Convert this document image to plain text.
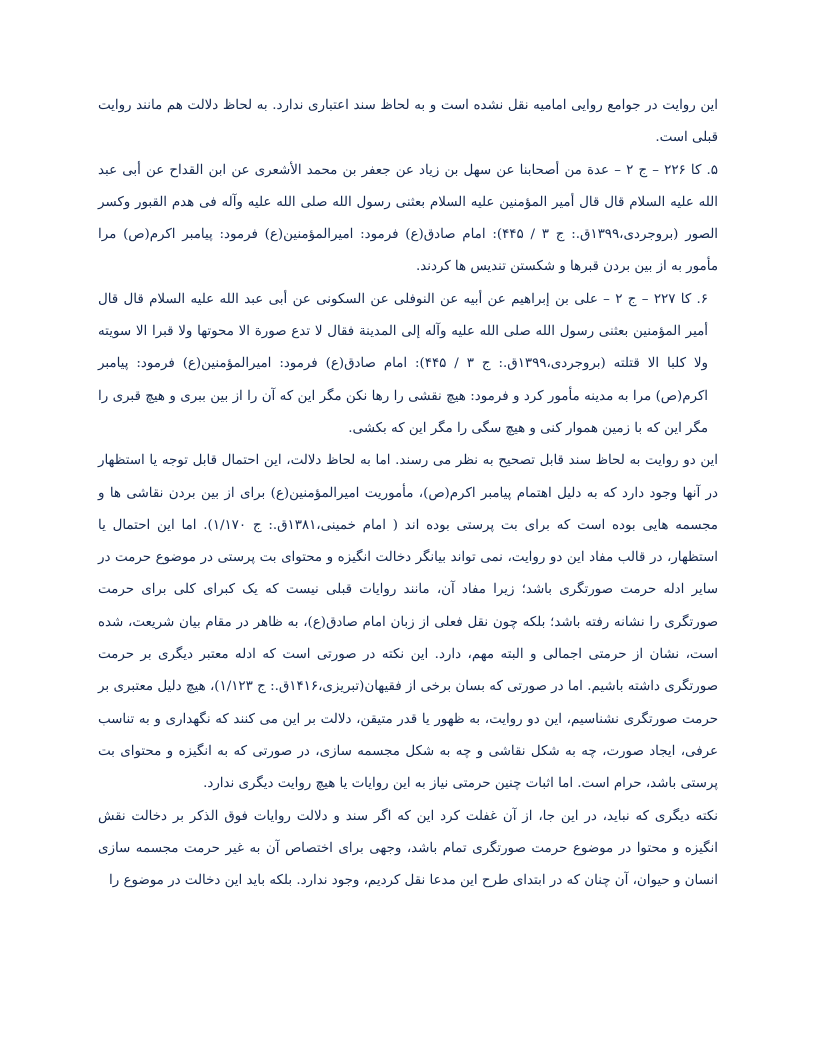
این روایت در جوامع روایی امامیه نقل نشده است و به لحاظ سند اعتباری ندارد. به لحاظ دلالت هم مانند روایت قبلی است.

۵. کا ۲۲۶ – ج ۲ – عدة من أصحابنا عن سهل بن زیاد عن جعفر بن محمد الأشعری عن ابن القداح عن أبی عبد الله علیه السلام قال قال أمیر المؤمنین علیه السلام بعثنی رسول الله صلی الله علیه وآله فی هدم القبور وکسر الصور (بروجردی،۱۳۹۹ق.: ج ۳ / ۴۴۵): امام صادق(ع) فرمود: امیرالمؤمنین(ع) فرمود: پیامبر اکرم(ص) مرا مأمور به از بین بردن قبرها و شکستن تندیس ها کردند.

۶. کا ۲۲۷ – ج ۲ – علی بن إبراهیم عن أبیه عن النوفلی عن السکونی عن أبی عبد الله علیه السلام قال قال أمیر المؤمنین بعثنی رسول الله صلی الله علیه وآله إلی المدینة فقال لا تدع صورة الا محوتها ولا قبرا الا سویته ولا کلبا الا قتلته (بروجردی،۱۳۹۹ق.: ج ۳ / ۴۴۵): امام صادق(ع) فرمود: امیرالمؤمنین(ع) فرمود: پیامبر اکرم(ص) مرا به مدینه مأمور کرد و فرمود: هیچ نقشی را رها نکن مگر این که آن را از بین ببری و هیچ قبری را مگر این که با زمین هموار کنی و هیچ سگی را مگر این که بکشی.

این دو روایت به لحاظ سند قابل تصحیح به نظر می رسند. اما به لحاظ دلالت، این احتمال قابل توجه یا استظهار در آنها وجود دارد که به دلیل اهتمام پیامبر اکرم(ص)، مأموریت امیرالمؤمنین(ع) برای از بین بردن نقاشی ها و مجسمه هایی بوده است که برای بت پرستی بوده اند ( امام خمینی،۱۳۸۱ق.: ج ۱/۱۷۰). اما این احتمال یا استظهار، در قالب مفاد این دو روایت، نمی تواند بیانگر دخالت انگیزه و محتوای بت پرستی در موضوع حرمت در سایر ادله حرمت صورتگری باشد؛ زیرا مفاد آن، مانند روایات قبلی نیست که یک کبرای کلی برای حرمت صورتگری را نشانه رفته باشد؛ بلکه چون نقل فعلی از زبان امام صادق(ع)، به ظاهر در مقام بیان شریعت، شده است، نشان از حرمتی اجمالی و البته مهم، دارد. این نکته در صورتی است که ادله معتبر دیگری بر حرمت صورتگری داشته باشیم. اما در صورتی که بسان برخی از فقیهان(تبریزی،۱۴۱۶ق.: ج ۱/۱۲۳)، هیچ دلیل معتبری بر حرمت صورتگری نشناسیم، این دو روایت، به ظهور یا قدر متیقن، دلالت بر این می کنند که نگهداری و به تناسب عرفی، ایجاد صورت، چه به شکل نقاشی و چه به شکل مجسمه سازی، در صورتی که به انگیزه و محتوای بت پرستی باشد، حرام است. اما اثبات چنین حرمتی نیاز به این روایات یا هیچ روایت دیگری ندارد.

نکته دیگری که نباید، در این جا، از آن غفلت کرد این که اگر سند و دلالت روایات فوق الذکر بر دخالت نقش انگیزه و محتوا در موضوع حرمت صورتگری تمام باشد، وجهی برای اختصاص آن به غیر حرمت مجسمه سازی انسان و حیوان، آن چنان که در ابتدای طرح این مدعا نقل کردیم، وجود ندارد. بلکه باید این دخالت در موضوع را
